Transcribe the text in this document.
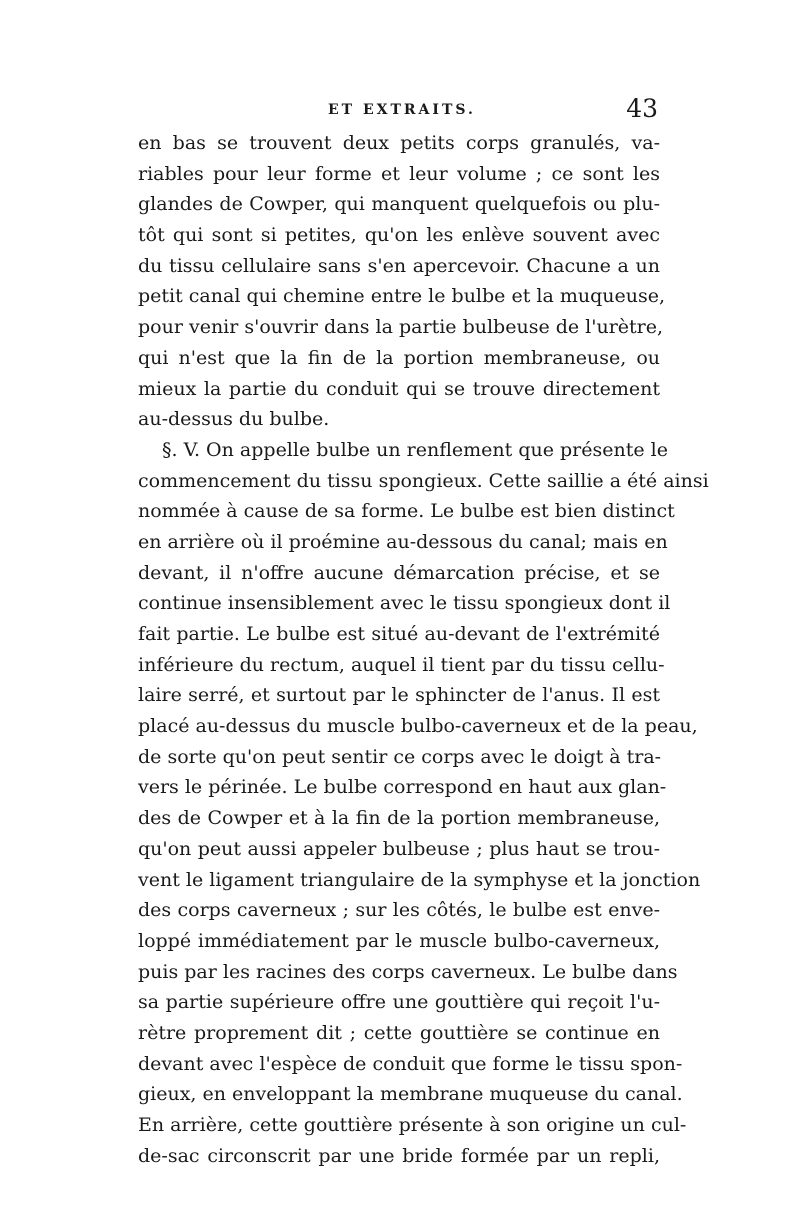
ET EXTRAITS.	43
en bas se trouvent deux petits corps granulés, va-
riables pour leur forme et leur volume ; ce sont les
glandes de Cowper, qui manquent quelquefois ou plu-
tôt qui sont si petites, qu'on les enlève souvent avec
du tissu cellulaire sans s'en apercevoir. Chacune a un
petit canal qui chemine entre le bulbe et la muqueuse,
pour venir s'ouvrir dans la partie bulbeuse de l'urètre,
qui n'est que la fin de la portion membraneuse, ou
mieux la partie du conduit qui se trouve directement
au-dessus du bulbe.
§. V. On appelle bulbe un renflement que présente le
commencement du tissu spongieux. Cette saillie a été ainsi
nommée à cause de sa forme. Le bulbe est bien distinct
en arrière où il proémine au-dessous du canal; mais en
devant, il n'offre aucune démarcation précise, et se
continue insensiblement avec le tissu spongieux dont il
fait partie. Le bulbe est situé au-devant de l'extrémité
inférieure du rectum, auquel il tient par du tissu cellu-
laire serré, et surtout par le sphincter de l'anus. Il est
placé au-dessus du muscle bulbo-caverneux et de la peau,
de sorte qu'on peut sentir ce corps avec le doigt à tra-
vers le périnée. Le bulbe correspond en haut aux glan-
des de Cowper et à la fin de la portion membraneuse,
qu'on peut aussi appeler bulbeuse ; plus haut se trou-
vent le ligament triangulaire de la symphyse et la jonction
des corps caverneux ; sur les côtés, le bulbe est enve-
loppé immédiatement par le muscle bulbo-caverneux,
puis par les racines des corps caverneux. Le bulbe dans
sa partie supérieure offre une gouttière qui reçoit l'u-
rètre proprement dit ; cette gouttière se continue en
devant avec l'espèce de conduit que forme le tissu spon-
gieux, en enveloppant la membrane muqueuse du canal.
En arrière, cette gouttière présente à son origine un cul-
de-sac circonscrit par une bride formée par un repli,
